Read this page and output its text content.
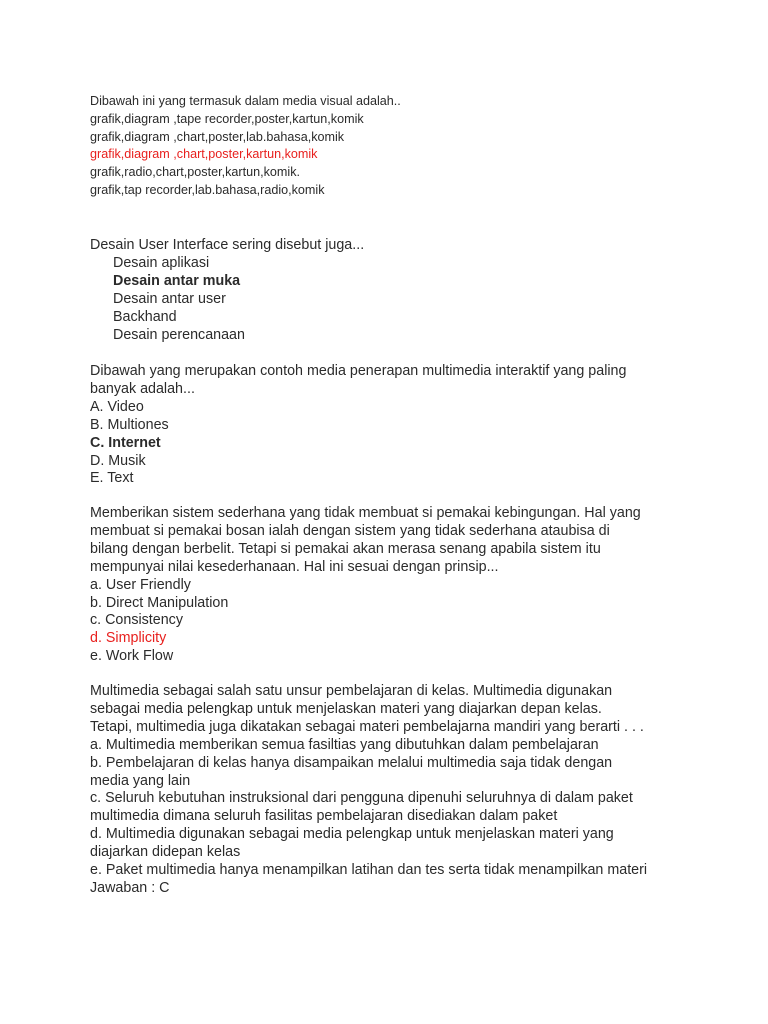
Dibawah ini yang termasuk dalam media visual adalah..
grafik,diagram ,tape recorder,poster,kartun,komik
grafik,diagram ,chart,poster,lab.bahasa,komik
grafik,diagram ,chart,poster,kartun,komik
grafik,radio,chart,poster,kartun,komik.
grafik,tap recorder,lab.bahasa,radio,komik
Desain User Interface sering disebut juga...
Desain aplikasi
Desain antar muka
Desain antar user
Backhand
Desain perencanaan
Dibawah yang merupakan contoh media penerapan multimedia interaktif yang paling
banyak adalah...
A. Video
B. Multiones
C. Internet
D. Musik
E. Text
Memberikan sistem sederhana yang tidak membuat si pemakai kebingungan. Hal yang
membuat si pemakai bosan ialah dengan sistem yang tidak sederhana ataubisa di
bilang dengan berbelit. Tetapi si pemakai akan merasa senang apabila sistem itu
mempunyai nilai kesederhanaan. Hal ini sesuai dengan prinsip...
a. User Friendly
b. Direct Manipulation
c. Consistency
d. Simplicity
e. Work Flow
Multimedia sebagai salah satu unsur pembelajaran di kelas. Multimedia digunakan
sebagai media pelengkap untuk menjelaskan materi yang diajarkan depan kelas.
Tetapi, multimedia juga dikatakan sebagai materi pembelajarna mandiri yang berarti . . .
a. Multimedia memberikan semua fasiltias yang dibutuhkan dalam pembelajaran
b. Pembelajaran di kelas hanya disampaikan melalui multimedia saja tidak dengan
media yang lain
c. Seluruh kebutuhan instruksional dari pengguna dipenuhi seluruhnya di dalam paket
multimedia dimana seluruh fasilitas pembelajaran disediakan dalam paket
d. Multimedia digunakan sebagai media pelengkap untuk menjelaskan materi yang
diajarkan didepan kelas
e. Paket multimedia hanya menampilkan latihan dan tes serta tidak menampilkan materi
Jawaban : C
